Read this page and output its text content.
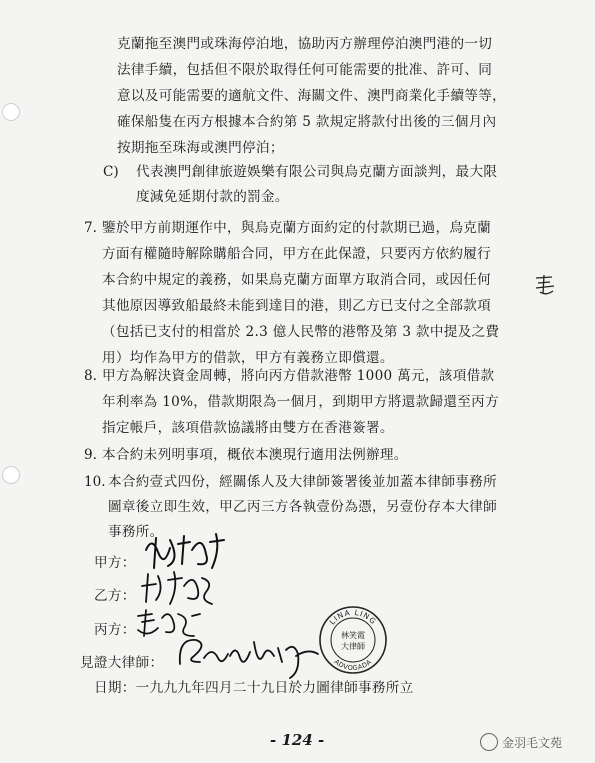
克蘭拖至澳門或珠海停泊地，協助丙方辦理停泊澳門港的一切
法律手續，包括但不限於取得任何可能需要的批准、許可、同
意以及可能需要的適航文件、海關文件、澳門商業化手續等等，
確保船隻在丙方根據本合約第 5 款規定將款付出後的三個月內
按期拖至珠海或澳門停泊；
C) 代表澳門創律旅遊娛樂有限公司與烏克蘭方面談判，最大限
度減免延期付款的罰金。
7. 鑒於甲方前期運作中，與烏克蘭方面約定的付款期已過，烏克蘭
方面有權隨時解除購船合同，甲方在此保證，只要丙方依約履行
本合約中規定的義務，如果烏克蘭方面單方取消合同，或因任何
其他原因導致船最終未能到達目的港，則乙方已支付之全部款項
（包括已支付的相當於 2.3 億人民幣的港幣及第 3 款中提及之費
用）均作為甲方的借款，甲方有義務立即償還。
8. 甲方為解決資金周轉，將向丙方借款港幣 1000 萬元，該項借款
年利率為 10%，借款期限為一個月，到期甲方將還款歸還至丙方
指定帳戶，該項借款協議將由雙方在香港簽署。
9. 本合約未列明事項，概依本澳現行適用法例辦理。
10. 本合約壹式四份，經關係人及大律師簽署後並加蓋本律師事務所
圖章後立即生效，甲乙丙三方各執壹份為憑，另壹份存本大律師
事務所。
甲方：
乙方：
丙方：
見證大律師：
LINA LING
ADVOGADA
林笑霞大律師
日期：一九九九年四月二十九日於力圖律師事務所立
- 124 -	金羽毛文苑
